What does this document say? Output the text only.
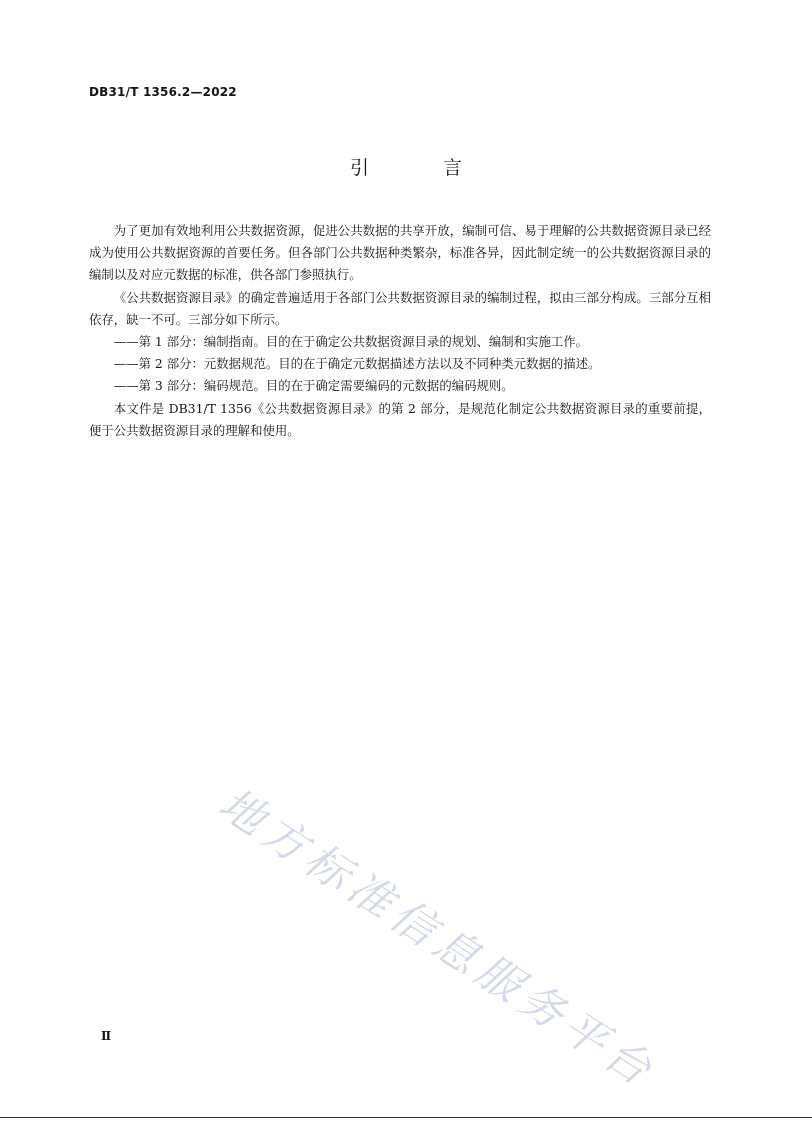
DB31/T 1356.2—2022
引 言

为了更加有效地利用公共数据资源，促进公共数据的共享开放，编制可信、易于理解的公共数据资源目录已经成为使用公共数据资源的首要任务。但各部门公共数据种类繁杂，标准各异，因此制定统一的公共数据资源目录的编制以及对应元数据的标准，供各部门参照执行。

《公共数据资源目录》的确定普遍适用于各部门公共数据资源目录的编制过程，拟由三部分构成。三部分互相依存，缺一不可。三部分如下所示。

——第 1 部分：编制指南。目的在于确定公共数据资源目录的规划、编制和实施工作。

——第 2 部分：元数据规范。目的在于确定元数据描述方法以及不同种类元数据的描述。

——第 3 部分：编码规范。目的在于确定需要编码的元数据的编码规则。

本文件是 DB31/T 1356《公共数据资源目录》的第 2 部分，是规范化制定公共数据资源目录的重要前提，便于公共数据资源目录的理解和使用。

地方标准信息服务平台
Ⅱ
